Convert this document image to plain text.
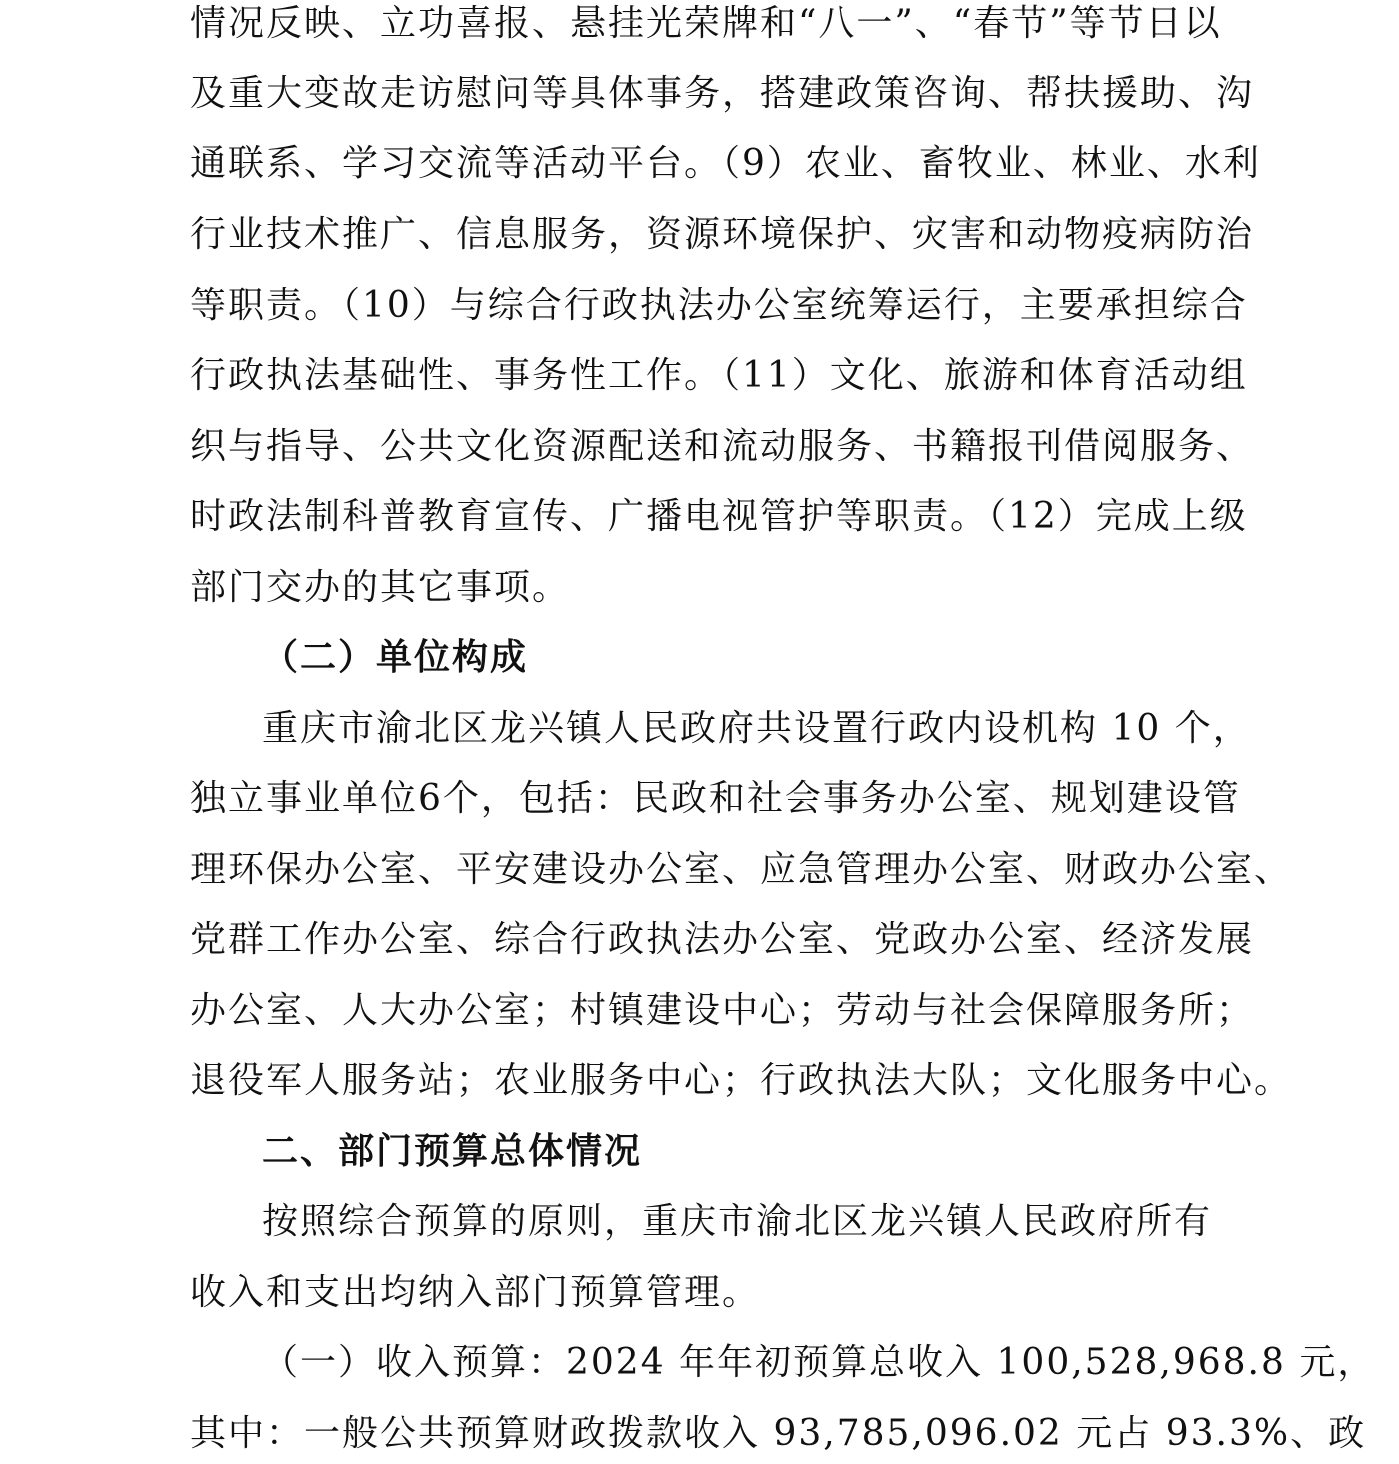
情况反映、立功喜报、悬挂光荣牌和“八一”、“春节”等节日以
及重大变故走访慰问等具体事务，搭建政策咨询、帮扶援助、沟
通联系、学习交流等活动平台。（9）农业、畜牧业、林业、水利
行业技术推广、信息服务，资源环境保护、灾害和动物疫病防治
等职责。（10）与综合行政执法办公室统筹运行，主要承担综合
行政执法基础性、事务性工作。（11）文化、旅游和体育活动组
织与指导、公共文化资源配送和流动服务、书籍报刊借阅服务、
时政法制科普教育宣传、广播电视管护等职责。（12）完成上级
部门交办的其它事项。
（二）单位构成
重庆市渝北区龙兴镇人民政府共设置行政内设机构 10 个，
独立事业单位6个，包括：民政和社会事务办公室、规划建设管
理环保办公室、平安建设办公室、应急管理办公室、财政办公室、
党群工作办公室、综合行政执法办公室、党政办公室、经济发展
办公室、人大办公室；村镇建设中心；劳动与社会保障服务所；
退役军人服务站；农业服务中心；行政执法大队；文化服务中心。
二、部门预算总体情况
按照综合预算的原则，重庆市渝北区龙兴镇人民政府所有
收入和支出均纳入部门预算管理。
（一）收入预算：2024 年年初预算总收入 100,528,968.8 元，
其中：一般公共预算财政拨款收入 93,785,096.02 元占 93.3%、政
